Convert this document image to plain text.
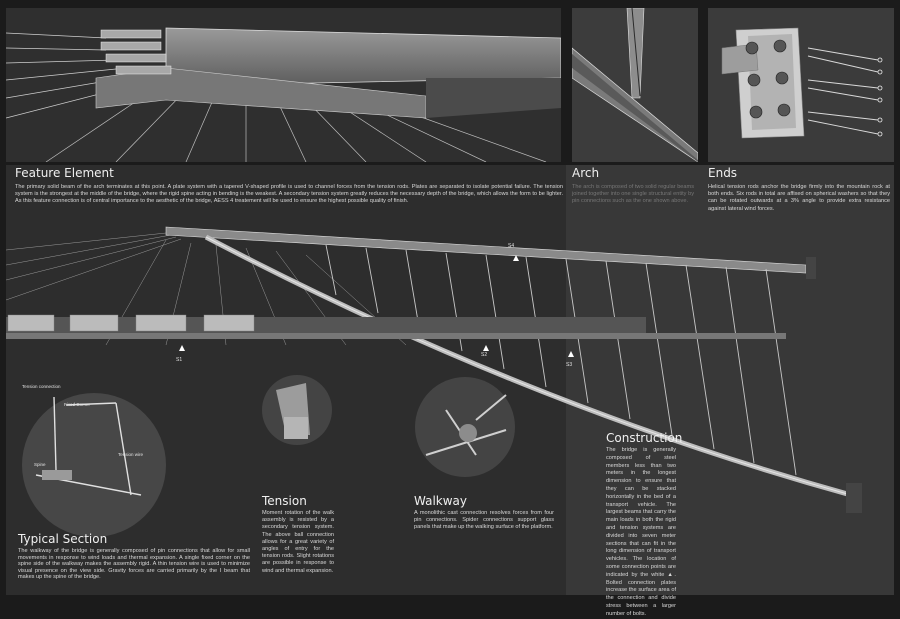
Feature Element

The primary solid beam of the arch terminates at this point. A plate system with a tapered V-shaped profile is used to channel forces from the tension rods. Plates are separated to isolate potential failure. The tension system is the strongest at the middle of the bridge, where the rigid spine acting in bending is the weakest. A secondary tension system greatly reduces the necessary depth of the bridge, which allows the form to be lighter. As this feature connection is of central importance to the aesthetic of the bridge, AESS 4 treatement will be used to ensure the highest possible quality of finish.

Arch

The arch is composed of two solid regular beams joined together into one single structural entity by pin connections such as the one shown above.

Ends

Helical tension rods anchor the bridge firmly into the mountain rock at both ends. Six rods in total are affixed on spherical washers so that they can be rotated outwards at a 3% angle to provide extra resistance against lateral wind forces.

S1
S2
S3
S4
Tension connection
Fixed Corner
Tension wire
Spine
Typical Section

The walkway of the bridge is generally composed of pin connections that allow for small movements in response to wind loads and thermal expansion. A single fixed corner on the spine side of the walkway makes the assembly rigid. A thin tension wire is used to minimize visual presence on the view side. Gravity forces are carried primarily by the I beam that makes up the spine of the bridge.

Tension

Moment rotation of the walk assembly is resisted by a secondary tension system. The above ball connection allows for a great variety of angles of entry for the tension rods. Slight rotations are possible in response to wind and thermal expansion.

Walkway

A monolithic cast connection resolves forces from four pin connections. Spider connections support glass panels that make up the walking surface of the platform.

Construction

The bridge is generally composed of steel members less than two meters in the longest dimension to ensure that they can be stacked horizontally in the bed of a transport vehicle. The largest beams that carry the main loads in both the rigid and tension systems are divided into seven meter sections that can fit in the long dimension of transport vehicles. The location of some connection points are indicated by the white ▲. Bolted connection plates increase the surface area of the connection and divide stress between a larger number of bolts.
